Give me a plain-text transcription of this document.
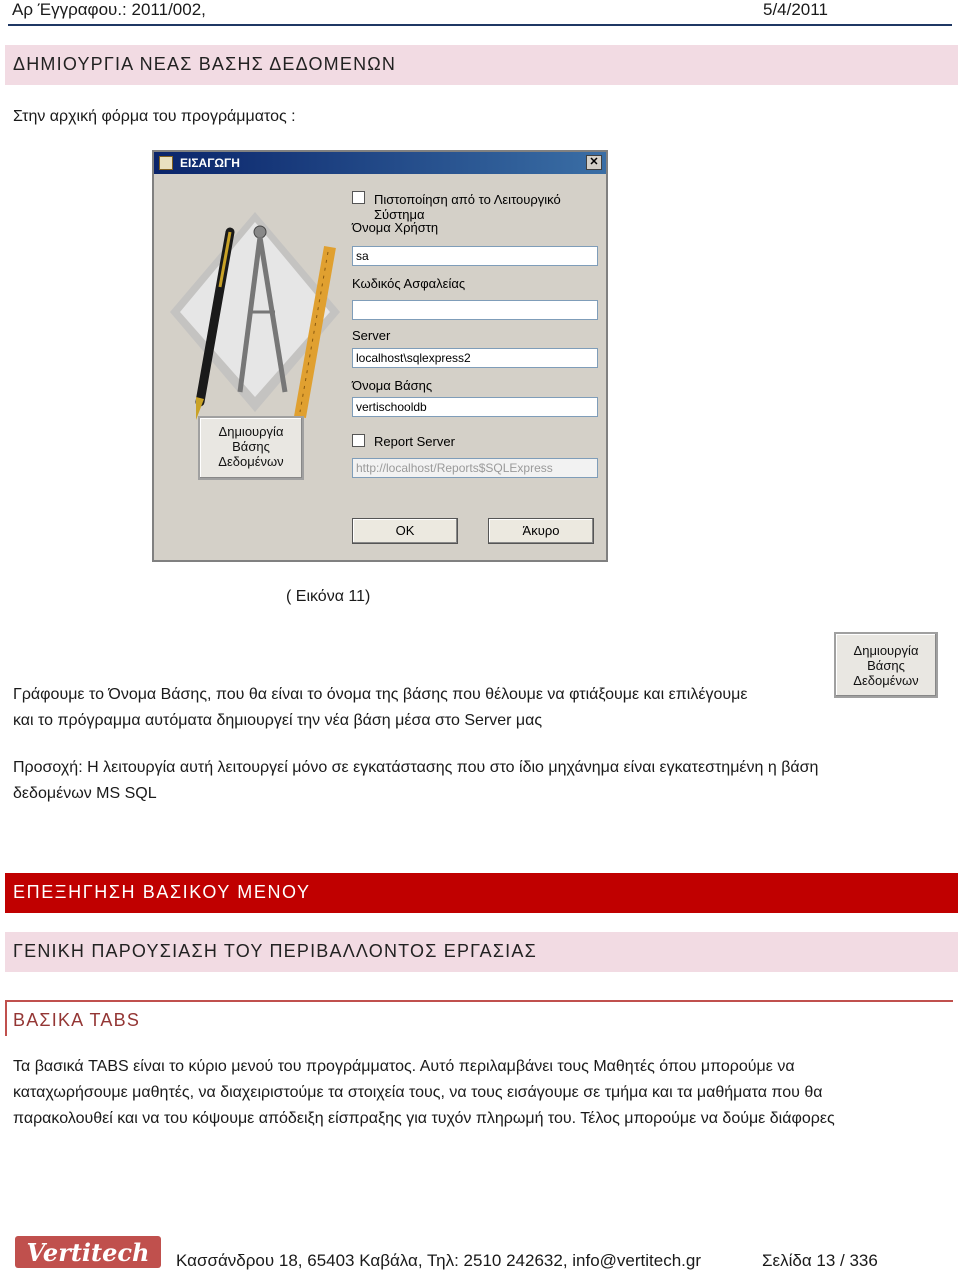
Αρ Έγγραφου.: 2011/002,	5/4/2011
ΔΗΜΙΟΥΡΓΙΑ ΝΕΑΣ ΒΑΣΗΣ ΔΕΔΟΜΕΝΩΝ
Στην αρχική φόρμα του προγράμματος :
ΕΙΣΑΓΩΓΗ	✕
Δημιουργία
Βάσης
Δεδομένων
Πιστοποίηση από το Λειτουργικό Σύστημα
Όνομα Χρήστη
sa
Κωδικός Ασφαλείας
Server
localhost\sqlexpress2
Όνομα Βάσης
vertischooldb
Report Server
http://localhost/Reports$SQLExpress
OK	Άκυρο
( Εικόνα 11)
Γράφουμε το Όνομα Βάσης, που θα είναι το όνομα της βάσης που θέλουμε να φτιάξουμε και επιλέγουμε
και το πρόγραμμα αυτόματα δημιουργεί την νέα βάση μέσα στο Server μας
Δημιουργία
Βάσης
Δεδομένων
Προσοχή: Η λειτουργία αυτή λειτουργεί μόνο σε εγκατάστασης που στο ίδιο μηχάνημα είναι εγκατεστημένη η βάση
δεδομένων MS SQL
ΕΠΕΞΗΓΗΣΗ ΒΑΣΙΚΟΥ ΜΕΝΟΥ
ΓΕΝΙΚΗ ΠΑΡΟΥΣΙΑΣΗ ΤΟΥ ΠΕΡΙΒΑΛΛΟΝΤΟΣ ΕΡΓΑΣΙΑΣ
ΒΑΣΙΚΑ TABS
Τα βασικά TABS είναι το κύριο μενού του προγράμματος. Αυτό περιλαμβάνει τους Μαθητές όπου μπορούμε να
καταχωρήσουμε μαθητές, να διαχειριστούμε τα στοιχεία τους, να τους εισάγουμε σε τμήμα και τα μαθήματα που θα
παρακολουθεί και να του κόψουμε απόδειξη είσπραξης για τυχόν πληρωμή του. Τέλος μπορούμε να δούμε διάφορες
Vertitech	Κασσάνδρου 18, 65403 Καβάλα, Τηλ: 2510 242632, info@vertitech.gr	Σελίδα 13 / 336
